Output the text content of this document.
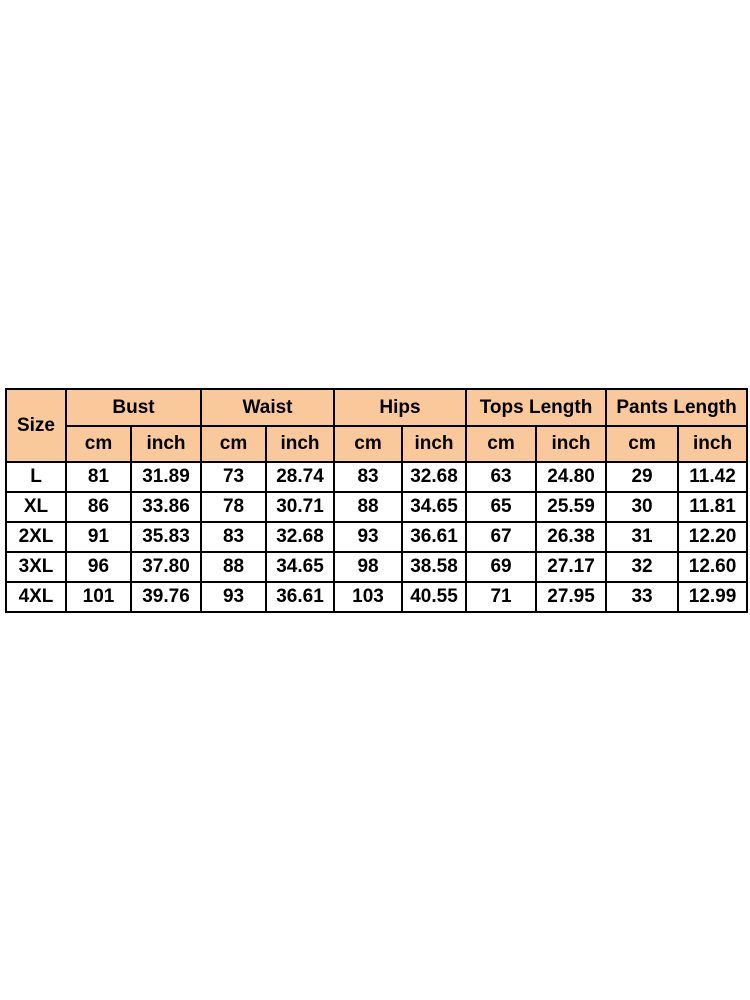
Size	Bust		Waist		Hips		Tops Length		Pants Length	
	cm	inch	cm	inch	cm	inch	cm	inch	cm	inch
L	81	31.89	73	28.74	83	32.68	63	24.80	29	11.42
XL	86	33.86	78	30.71	88	34.65	65	25.59	30	11.81
2XL	91	35.83	83	32.68	93	36.61	67	26.38	31	12.20
3XL	96	37.80	88	34.65	98	38.58	69	27.17	32	12.60
4XL	101	39.76	93	36.61	103	40.55	71	27.95	33	12.99
